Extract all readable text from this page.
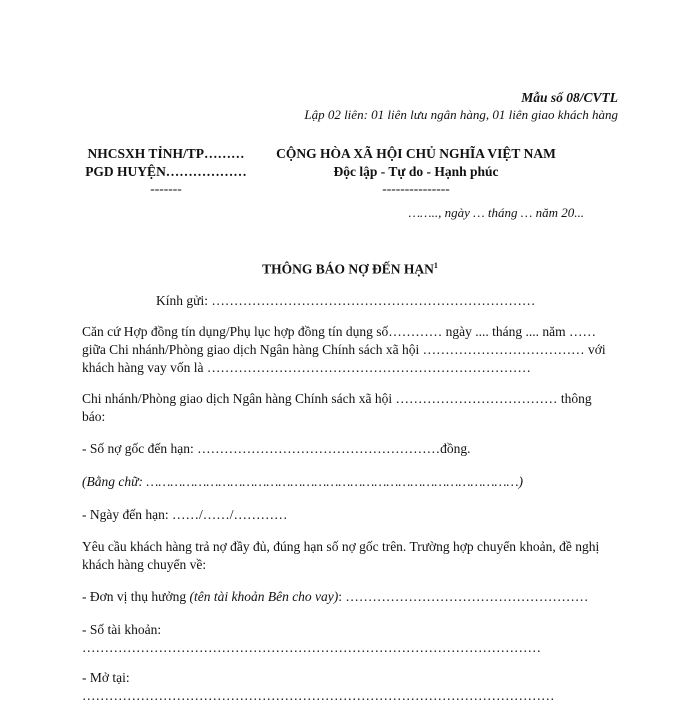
Mẫu số 08/CVTL
Lập 02 liên: 01 liên lưu ngân hàng, 01 liên giao khách hàng
NHCSXH TỈNH/TP………
PGD HUYỆN………………
-------
CỘNG HÒA XÃ HỘI CHỦ NGHĨA VIỆT NAM
Độc lập - Tự do - Hạnh phúc
---------------
…….., ngày … tháng … năm 20...
THÔNG BÁO NỢ ĐẾN HẠN$^1$
Kính gửi: ………………………………………………………………
Căn cứ Hợp đồng tín dụng/Phụ lục hợp đồng tín dụng số………… ngày .... tháng .... năm ……
giữa Chi nhánh/Phòng giao dịch Ngân hàng Chính sách xã hội ……………………………… với
khách hàng vay vốn là ………………………………………………………………
Chi nhánh/Phòng giao dịch Ngân hàng Chính sách xã hội ……………………………… thông
báo:
- Số nợ gốc đến hạn: ………………………………………………đồng.
(Bằng chữ: …………………………………………………………………………………)
- Ngày đến hạn: ……/……/…………
Yêu cầu khách hàng trả nợ đầy đủ, đúng hạn số nợ gốc trên. Trường hợp chuyển khoản, đề nghị
khách hàng chuyển về:
- Đơn vị thụ hưởng (tên tài khoản Bên cho vay): ………………………………………………
- Số tài khoản:
…………………………………………………………………………………………
- Mở tại:
……………………………………………………………………………………………
